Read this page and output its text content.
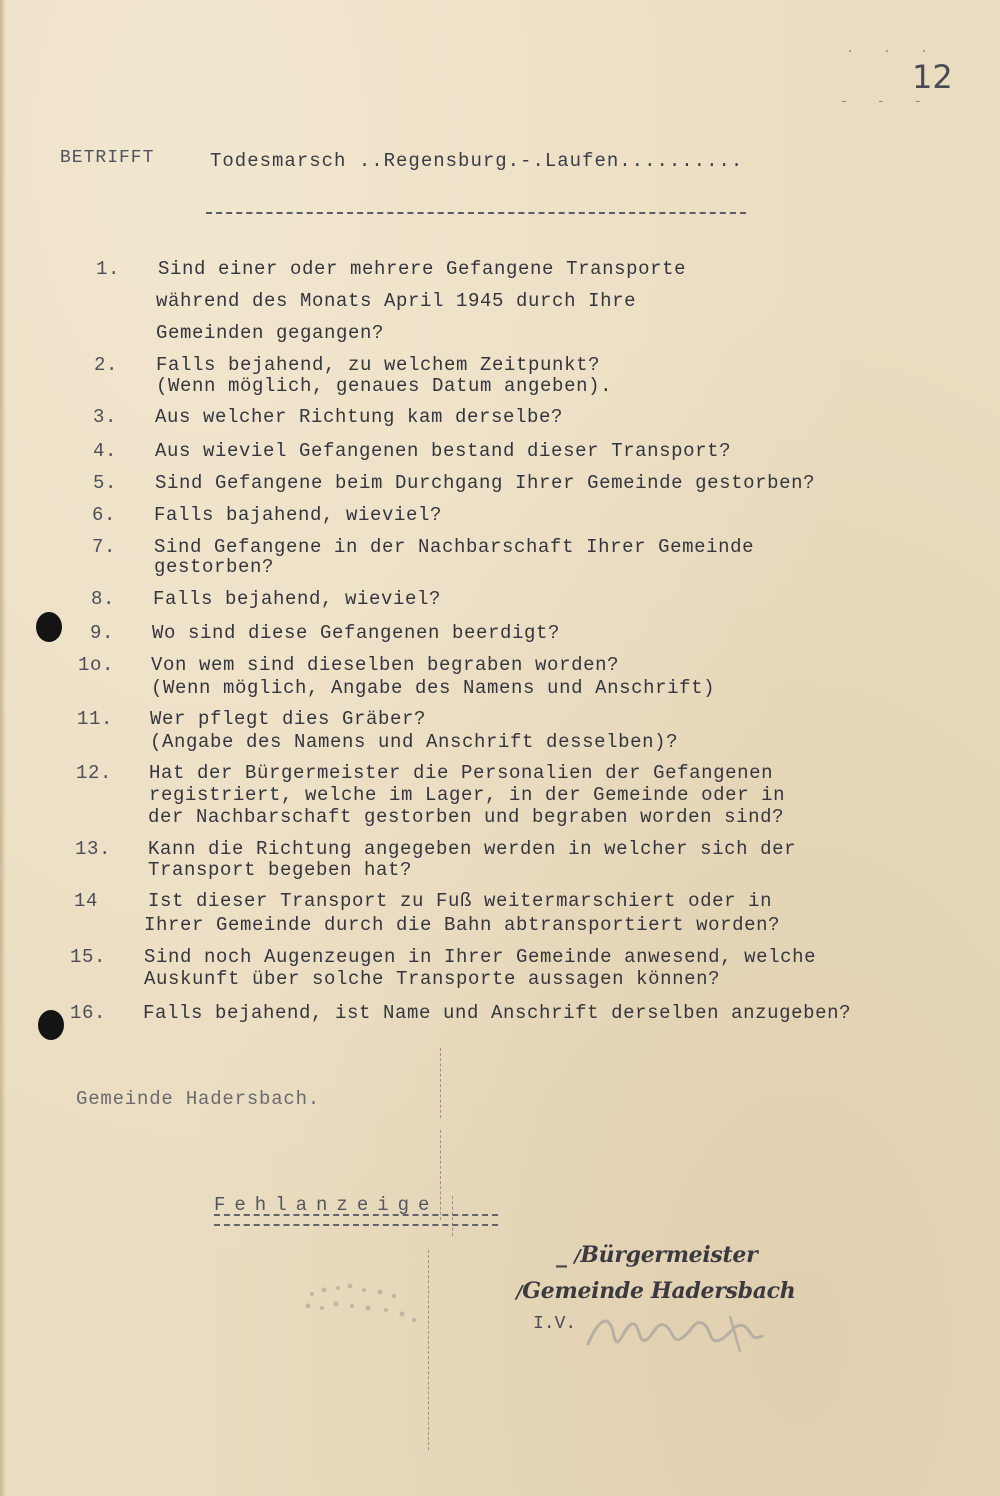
· · ·
- - -
12
BETRIFFT	Todesmarsch ..Regensburg.-.Laufen..........
1.	Sind einer oder mehrere Gefangene Transporte
während des Monats April 1945 durch Ihre
Gemeinden gegangen?
2.	Falls bejahend, zu welchem Zeitpunkt?
(Wenn möglich, genaues Datum angeben).
3.	Aus welcher Richtung kam derselbe?
4.	Aus wieviel Gefangenen bestand dieser Transport?
5.	Sind Gefangene beim Durchgang Ihrer Gemeinde gestorben?
6.	Falls bajahend, wieviel?
7.	Sind Gefangene in der Nachbarschaft Ihrer Gemeinde
gestorben?
8.	Falls bejahend, wieviel?
9.	Wo sind diese Gefangenen beerdigt?
1o.	Von wem sind dieselben begraben worden?
(Wenn möglich, Angabe des Namens und Anschrift)
11.	Wer pflegt dies Gräber?
(Angabe des Namens und Anschrift desselben)?
12.	Hat der Bürgermeister die Personalien der Gefangenen
registriert, welche im Lager, in der Gemeinde oder in
der Nachbarschaft gestorben und begraben worden sind?
13.	Kann die Richtung angegeben werden in welcher sich der
Transport begeben hat?
14	Ist dieser Transport zu Fuß weitermarschiert oder in
Ihrer Gemeinde durch die Bahn abtransportiert worden?
15.	Sind noch Augenzeugen in Ihrer Gemeinde anwesend, welche
Auskunft über solche Transporte aussagen können?
16.	Falls bejahend, ist Name und Anschrift derselben anzugeben?
Gemeinde Hadersbach.
Fehlanzeige
_ /Bürgermeister
/Gemeinde Hadersbach
I.V.
